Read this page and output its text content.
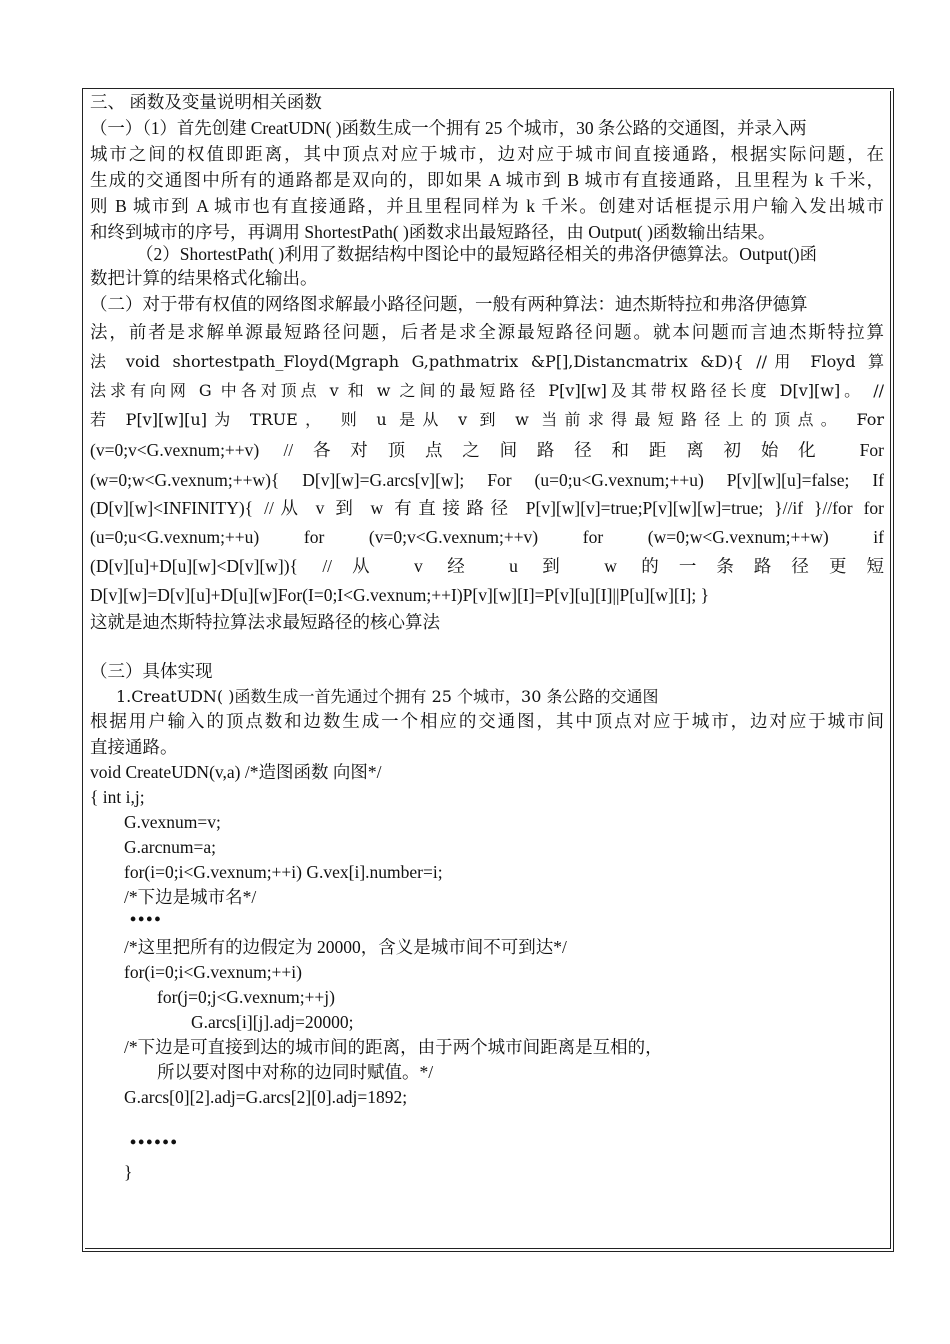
三、 函数及变量说明相关函数
（一）（1）首先创建 CreatUDN( )函数生成一个拥有 25 个城市，30 条公路的交通图，并录入两
城市之间的权值即距离，其中顶点对应于城市，边对应于城市间直接通路，根据实际问题，在
生成的交通图中所有的通路都是双向的，即如果 A 城市到 B 城市有直接通路，且里程为 k 千米，
则 B 城市到 A 城市也有直接通路，并且里程同样为 k 千米。创建对话框提示用户输入发出城市
和终到城市的序号，再调用 ShortestPath( )函数求出最短路径，由 Output( )函数输出结果。
（2）ShortestPath( )利用了数据结构中图论中的最短路径相关的弗洛伊德算法。Output()函
数把计算的结果格式化输出。
（二）对于带有权值的网络图求解最小路径问题，一般有两种算法：迪杰斯特拉和弗洛伊德算
法，前者是求解单源最短路径问题，后者是求全源最短路径问题。就本问题而言迪杰斯特拉算
法 void shortestpath_Floyd(Mgraph G,pathmatrix &P[],Distancmatrix &D){ //用 Floyd 算
法求有向网 G 中各对顶点 v 和 w 之间的最短路径 P[v][w]及其带权路径长度 D[v][w]。 //
若 P[v][w][u]为 TRUE， 则 u 是从 v 到 w 当前求得最短路径上的顶点。 For
(v=0;v<G.vexnum;++v) //各对顶点之间路径和距离初始化 For
(w=0;w<G.vexnum;++w){ D[v][w]=G.arcs[v][w]; For (u=0;u<G.vexnum;++u) P[v][w][u]=false; If
(D[v][w]<INFINITY){ //从 v 到 w 有直接路径 P[v][w][v]=true;P[v][w][w]=true; }//if }//for for
(u=0;u<G.vexnum;++u) for (v=0;v<G.vexnum;++v) for (w=0;w<G.vexnum;++w) if
(D[v][u]+D[u][w]<D[v][w]){ //从 v 经 u 到 w 的一条路径更短
D[v][w]=D[v][u]+D[u][w]For(I=0;I<G.vexnum;++I)P[v][w][I]=P[v][u][I]||P[u][w][I]; }
这就是迪杰斯特拉算法求最短路径的核心算法
（三）具体实现
1.CreatUDN( )函数生成一首先通过个拥有 25 个城市，30 条公路的交通图
根据用户输入的顶点数和边数生成一个相应的交通图，其中顶点对应于城市，边对应于城市间
直接通路。
void CreateUDN(v,a) /*造图函数 向图*/
{ int i,j;
G.vexnum=v;
G.arcnum=a;
for(i=0;i<G.vexnum;++i) G.vex[i].number=i;
/*下边是城市名*/
••••
/*这里把所有的边假定为 20000，含义是城市间不可到达*/
for(i=0;i<G.vexnum;++i)
for(j=0;j<G.vexnum;++j)
G.arcs[i][j].adj=20000;
/*下边是可直接到达的城市间的距离，由于两个城市间距离是互相的，
所以要对图中对称的边同时赋值。*/
G.arcs[0][2].adj=G.arcs[2][0].adj=1892;
••••••
}
